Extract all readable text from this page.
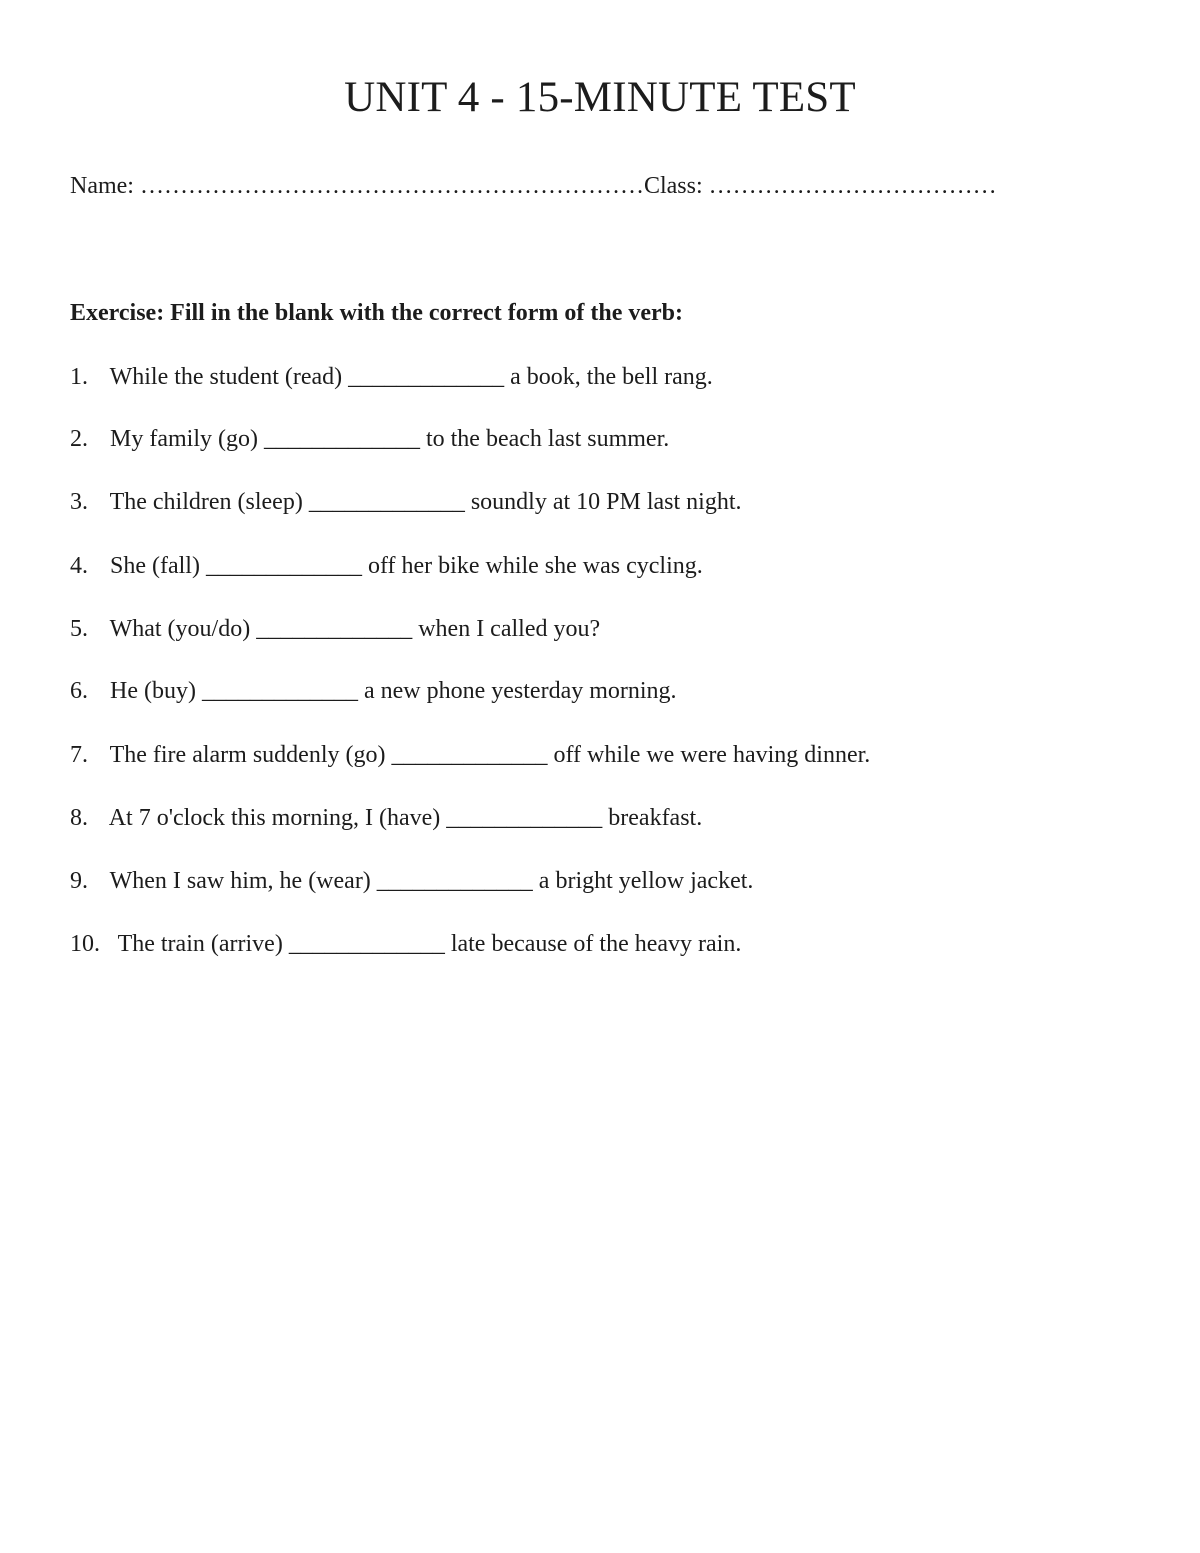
UNIT 4 - 15-MINUTE TEST

Name: ………………………………………………………Class: ………………………………

Exercise: Fill in the blank with the correct form of the verb:

1. While the student (read) _____________ a book, the bell rang.
2. My family (go) _____________ to the beach last summer.
3. The children (sleep) _____________ soundly at 10 PM last night.
4. She (fall) _____________ off her bike while she was cycling.
5. What (you/do) _____________ when I called you?
6. He (buy) _____________ a new phone yesterday morning.
7. The fire alarm suddenly (go) _____________ off while we were having dinner.
8. At 7 o'clock this morning, I (have) _____________ breakfast.
9. When I saw him, he (wear) _____________ a bright yellow jacket.
10. The train (arrive) _____________ late because of the heavy rain.
